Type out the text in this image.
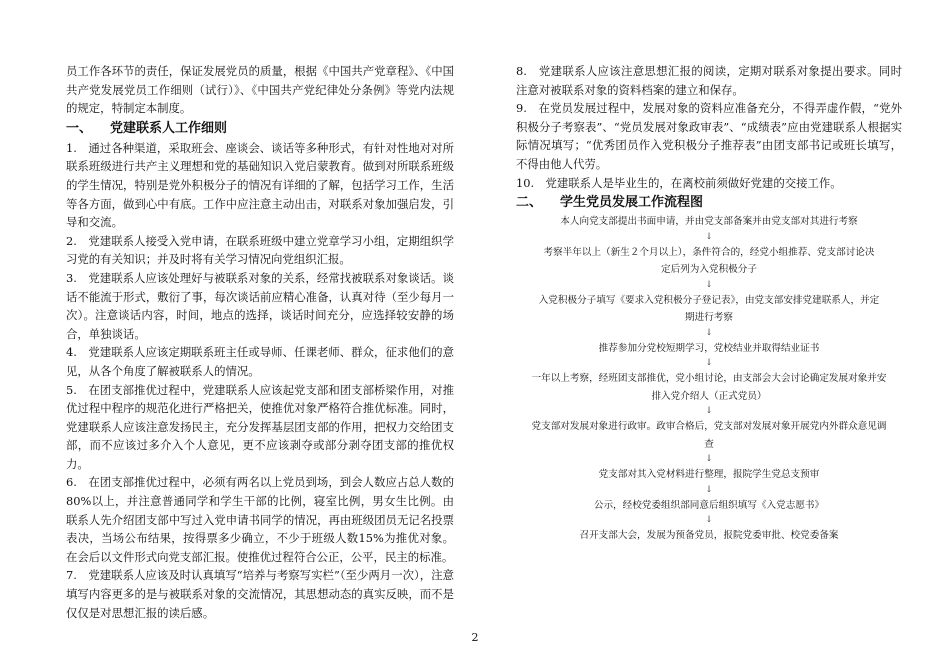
员工作各环节的责任，保证发展党员的质量，根据《中国共产党章程》、《中国共产党发展党员工作细则（试行）》、《中国共产党纪律处分条例》等党内法规的规定，特制定本制度。

一、 党建联系人工作细则

1.　通过各种渠道，采取班会、座谈会、谈话等多种形式，有针对性地对对所联系班级进行共产主义理想和党的基础知识入党启蒙教育。做到对所联系班级的学生情况，特别是党外积极分子的情况有详细的了解，包括学习工作，生活等各方面，做到心中有底。工作中应注意主动出击，对联系对象加强启发，引导和交流。

2.　党建联系人接受入党申请，在联系班级中建立党章学习小组，定期组织学习党的有关知识；并及时将有关学习情况向党组织汇报。

3.　党建联系人应该处理好与被联系对象的关系，经常找被联系对象谈话。谈话不能流于形式，敷衍了事，每次谈话前应精心准备，认真对待（至少每月一次）。注意谈话内容，时间，地点的选择，谈话时间充分，应选择较安静的场合，单独谈话。

4.　党建联系人应该定期联系班主任或导师、任课老师、群众，征求他们的意见，从各个角度了解被联系人的情况。

5.　在团支部推优过程中，党建联系人应该起党支部和团支部桥梁作用，对推优过程中程序的规范化进行严格把关，使推优对象严格符合推优标准。同时，党建联系人应该注意发扬民主，充分发挥基层团支部的作用，把权力交给团支部，而不应该过多介入个人意见，更不应该剥夺或部分剥夺团支部的推优权力。

6.　在团支部推优过程中，必须有两名以上党员到场，到会人数应占总人数的80%以上，并注意普通同学和学生干部的比例，寝室比例，男女生比例。由联系人先介绍团支部中写过入党申请书同学的情况，再由班级团员无记名投票表决，当场公布结果，按得票多少确立，不少于班级人数15%为推优对象。在会后以文件形式向党支部汇报。使推优过程符合公正，公平，民主的标准。

7.　党建联系人应该及时认真填写“培养与考察写实栏”（至少两月一次），注意填写内容更多的是与被联系对象的交流情况，其思想动态的真实反映，而不是仅仅是对思想汇报的读后感。

8.　党建联系人应该注意思想汇报的阅读，定期对联系对象提出要求。同时注意对被联系对象的资料档案的建立和保存。

9.　在党员发展过程中，发展对象的资料应准备充分，不得弄虚作假，“党外积极分子考察表”、“党员发展对象政审表”、“成绩表”应由党建联系人根据实际情况填写；“优秀团员作入党积极分子推荐表”由团支部书记或班长填写，不得由他人代劳。

10.　党建联系人是毕业生的，在离校前须做好党建的交接工作。

二、 学生党员发展工作流程图
本人向党支部提出书面申请，并由党支部备案并由党支部对其进行考察
↓
考察半年以上（新生２个月以上），条件符合的，经党小组推荐、党支部讨论决定后列为入党积极分子
↓
入党积极分子填写《要求入党积极分子登记表》，由党支部安排党建联系人，并定期进行考察
↓
推荐参加分党校短期学习，党校结业并取得结业证书
↓
一年以上考察，经班团支部推优，党小组讨论，由支部会大会讨论确定发展对象并安排入党介绍人（正式党员）
↓
党支部对发展对象进行政审。政审合格后，党支部对发展对象开展党内外群众意见调查
↓
党支部对其入党材料进行整理，报院学生党总支预审
↓
公示，经校党委组织部同意后组织填写《入党志愿书》
↓
召开支部大会，发展为预备党员，报院党委审批、校党委备案
2
